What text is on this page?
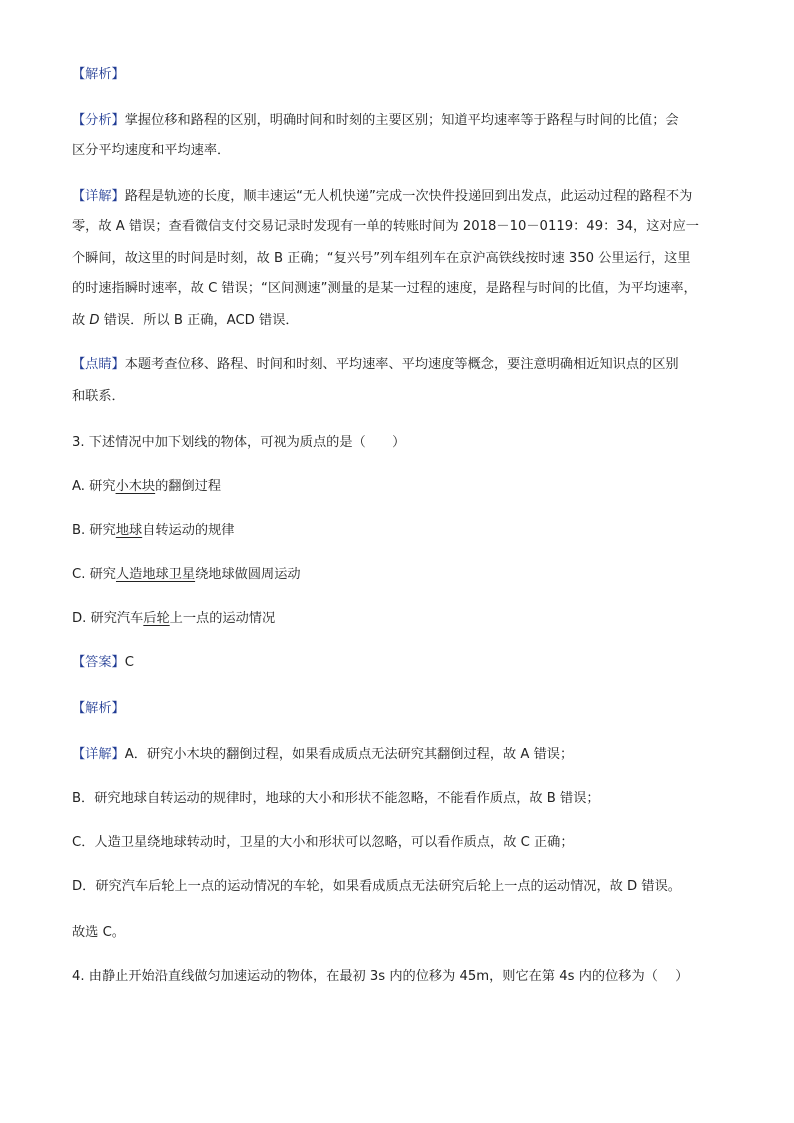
【解析】
【分析】掌握位移和路程的区别，明确时间和时刻的主要区别；知道平均速率等于路程与时间的比值；会
区分平均速度和平均速率．
【详解】路程是轨迹的长度，顺丰速运“无人机快递”完成一次快件投递回到出发点，此运动过程的路程不为
零，故 A 错误；查看微信支付交易记录时发现有一单的转账时间为 2018－10－0119：49：34，这对应一
个瞬间，故这里的时间是时刻，故 B 正确；“复兴号”列车组列车在京沪高铁线按时速 350 公里运行，这里
的时速指瞬时速率，故 C 错误；“区间测速”测量的是某一过程的速度，是路程与时间的比值，为平均速率，
故 D 错误．所以 B 正确，ACD 错误．
【点睛】本题考查位移、路程、时间和时刻、平均速率、平均速度等概念，要注意明确相近知识点的区别
和联系．
3. 下述情况中加下划线的物体，可视为质点的是（　　）
A. 研究小木块的翻倒过程
B. 研究地球自转运动的规律
C. 研究人造地球卫星绕地球做圆周运动
D. 研究汽车后轮上一点的运动情况
【答案】C
【解析】
【详解】A．研究小木块的翻倒过程，如果看成质点无法研究其翻倒过程，故 A 错误；
B．研究地球自转运动的规律时，地球的大小和形状不能忽略，不能看作质点，故 B 错误；
C．人造卫星绕地球转动时，卫星的大小和形状可以忽略，可以看作质点，故 C 正确；
D．研究汽车后轮上一点的运动情况的车轮，如果看成质点无法研究后轮上一点的运动情况，故 D 错误。
故选 C。
4. 由静止开始沿直线做匀加速运动的物体，在最初 3s 内的位移为 45m，则它在第 4s 内的位移为（　 ）
